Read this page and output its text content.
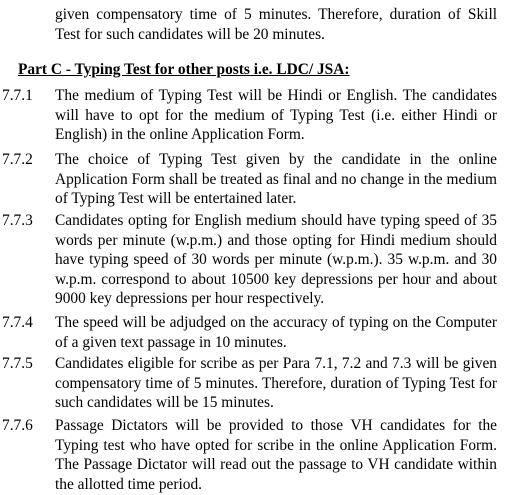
given compensatory time of 5 minutes. Therefore, duration of Skill Test for such candidates will be 20 minutes.
Part C - Typing Test for other posts i.e. LDC/ JSA:
7.7.1 The medium of Typing Test will be Hindi or English. The candidates will have to opt for the medium of Typing Test (i.e. either Hindi or English) in the online Application Form.
7.7.2 The choice of Typing Test given by the candidate in the online Application Form shall be treated as final and no change in the medium of Typing Test will be entertained later.
7.7.3 Candidates opting for English medium should have typing speed of 35 words per minute (w.p.m.) and those opting for Hindi medium should have typing speed of 30 words per minute (w.p.m.). 35 w.p.m. and 30 w.p.m. correspond to about 10500 key depressions per hour and about 9000 key depressions per hour respectively.
7.7.4 The speed will be adjudged on the accuracy of typing on the Computer of a given text passage in 10 minutes.
7.7.5 Candidates eligible for scribe as per Para 7.1, 7.2 and 7.3 will be given compensatory time of 5 minutes. Therefore, duration of Typing Test for such candidates will be 15 minutes.
7.7.6 Passage Dictators will be provided to those VH candidates for the Typing test who have opted for scribe in the online Application Form. The Passage Dictator will read out the passage to VH candidate within the allotted time period.
